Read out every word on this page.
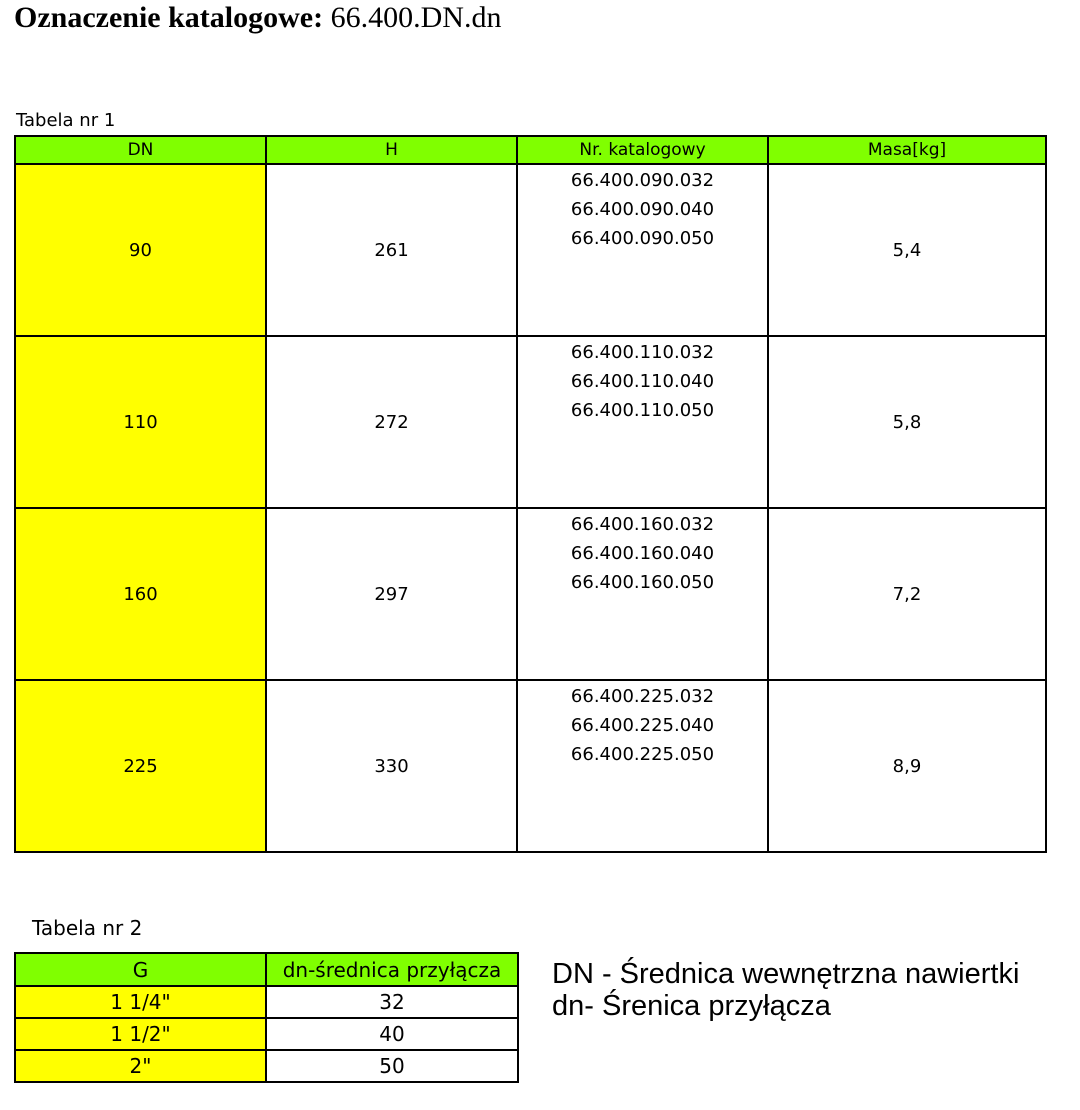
Oznaczenie katalogowe: 66.400.DN.dn
Tabela nr 1
DN	H	Nr. katalogowy	Masa[kg]
90	261	66.400.090.032
66.400.090.040
66.400.090.050	5,4
110	272	66.400.110.032
66.400.110.040
66.400.110.050	5,8
160	297	66.400.160.032
66.400.160.040
66.400.160.050	7,2
225	330	66.400.225.032
66.400.225.040
66.400.225.050	8,9
Tabela nr 2
G	dn-średnica przyłącza
1 1/4"	32
1 1/2"	40
2"	50
DN - Średnica wewnętrzna nawiertki
dn- Śrenica przyłącza
